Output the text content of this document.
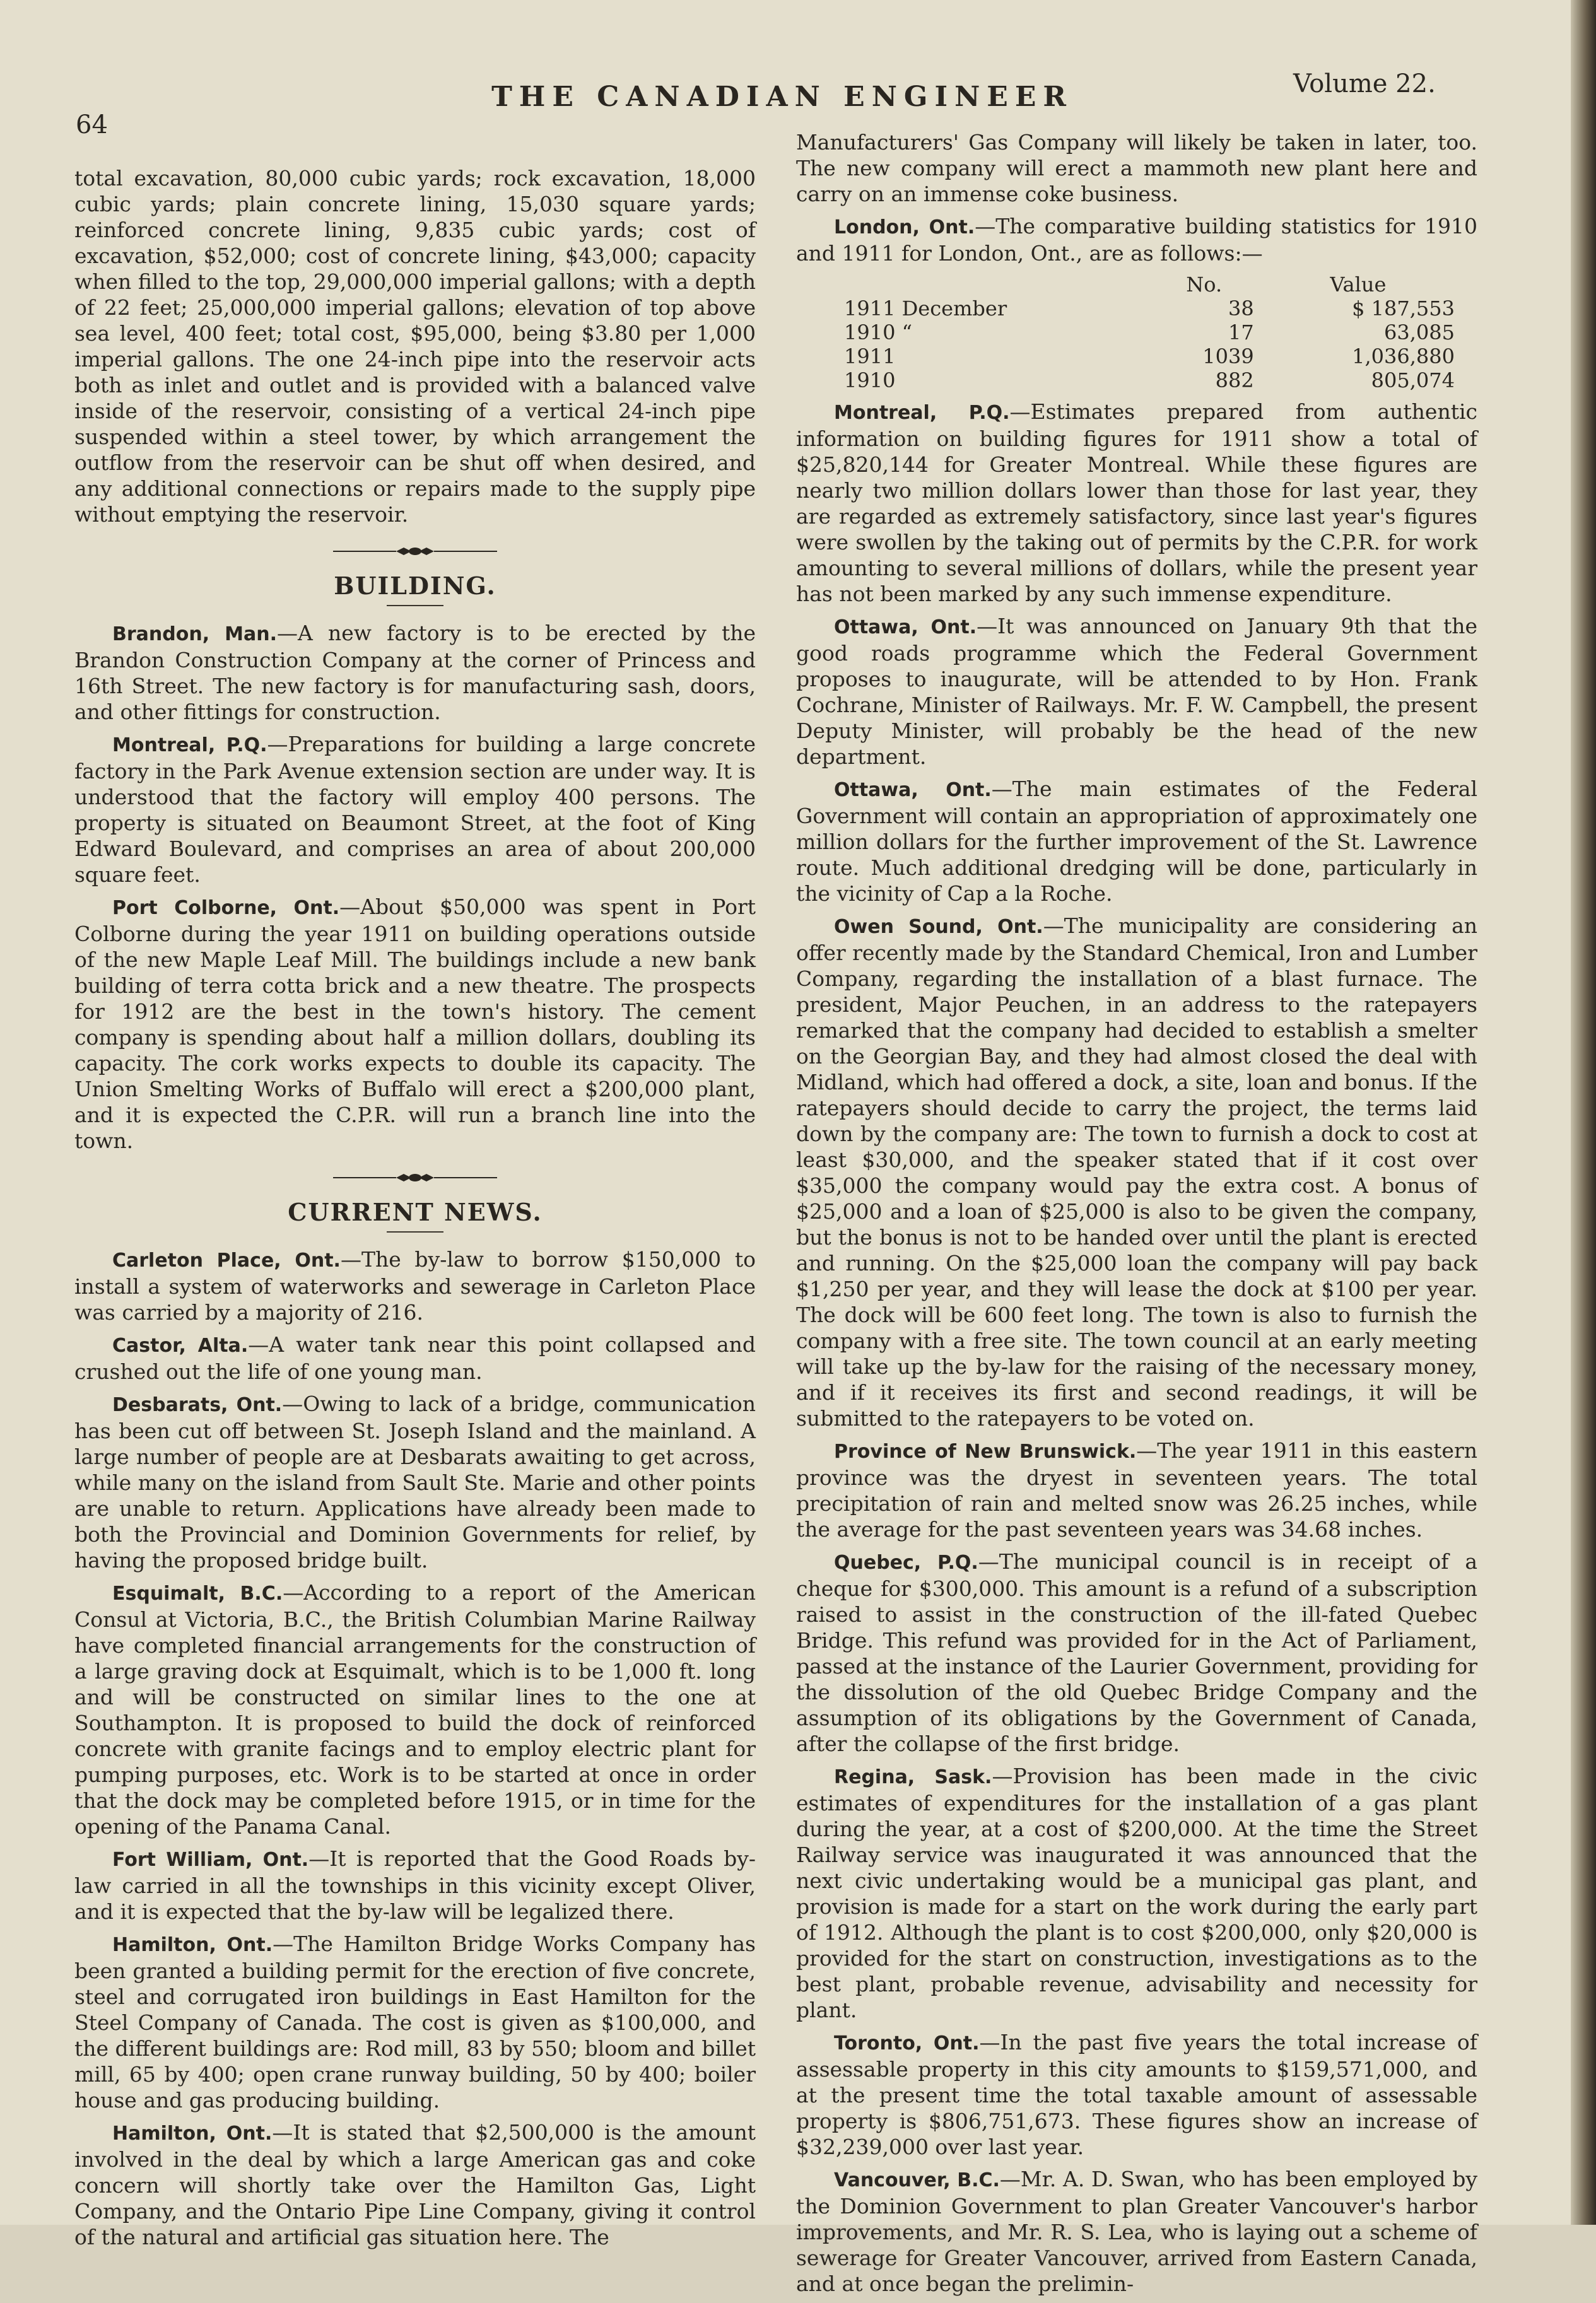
64
THE CANADIAN ENGINEER	Volume 22.

total excavation, 80,000 cubic yards; rock excavation, 18,000 cubic yards; plain concrete lining, 15,030 square yards; reinforced concrete lining, 9,835 cubic yards; cost of excavation, $52,000; cost of concrete lining, $43,000; capacity when filled to the top, 29,000,000 imperial gallons; with a depth of 22 feet; 25,000,000 imperial gallons; elevation of top above sea level, 400 feet; total cost, $95,000, being $3.80 per 1,000 imperial gallons. The one 24-inch pipe into the reservoir acts both as inlet and outlet and is provided with a balanced valve inside of the reservoir, consisting of a vertical 24-inch pipe suspended within a steel tower, by which arrangement the outflow from the reservoir can be shut off when desired, and any additional connections or repairs made to the supply pipe without emptying the reservoir.

BUILDING.

Brandon, Man.—A new factory is to be erected by the Brandon Construction Company at the corner of Princess and 16th Street. The new factory is for manufacturing sash, doors, and other fittings for construction.

Montreal, P.Q.—Preparations for building a large concrete factory in the Park Avenue extension section are under way. It is understood that the factory will employ 400 persons. The property is situated on Beaumont Street, at the foot of King Edward Boulevard, and comprises an area of about 200,000 square feet.

Port Colborne, Ont.—About $50,000 was spent in Port Colborne during the year 1911 on building operations outside of the new Maple Leaf Mill. The buildings include a new bank building of terra cotta brick and a new theatre. The prospects for 1912 are the best in the town's history. The cement company is spending about half a million dollars, doubling its capacity. The cork works expects to double its capacity. The Union Smelting Works of Buffalo will erect a $200,000 plant, and it is expected the C.P.R. will run a branch line into the town.

CURRENT NEWS.

Carleton Place, Ont.—The by-law to borrow $150,000 to install a system of waterworks and sewerage in Carleton Place was carried by a majority of 216.

Castor, Alta.—A water tank near this point collapsed and crushed out the life of one young man.

Desbarats, Ont.—Owing to lack of a bridge, communication has been cut off between St. Joseph Island and the mainland. A large number of people are at Desbarats awaiting to get across, while many on the island from Sault Ste. Marie and other points are unable to return. Applications have already been made to both the Provincial and Dominion Governments for relief, by having the proposed bridge built.

Esquimalt, B.C.—According to a report of the American Consul at Victoria, B.C., the British Columbian Marine Railway have completed financial arrangements for the construction of a large graving dock at Esquimalt, which is to be 1,000 ft. long and will be constructed on similar lines to the one at Southampton. It is proposed to build the dock of reinforced concrete with granite facings and to employ electric plant for pumping purposes, etc. Work is to be started at once in order that the dock may be completed before 1915, or in time for the opening of the Panama Canal.

Fort William, Ont.—It is reported that the Good Roads by-law carried in all the townships in this vicinity except Oliver, and it is expected that the by-law will be legalized there.

Hamilton, Ont.—The Hamilton Bridge Works Company has been granted a building permit for the erection of five concrete, steel and corrugated iron buildings in East Hamilton for the Steel Company of Canada. The cost is given as $100,000, and the different buildings are: Rod mill, 83 by 550; bloom and billet mill, 65 by 400; open crane runway building, 50 by 400; boiler house and gas producing building.

Hamilton, Ont.—It is stated that $2,500,000 is the amount involved in the deal by which a large American gas and coke concern will shortly take over the Hamilton Gas, Light Company, and the Ontario Pipe Line Company, giving it control of the natural and artificial gas situation here. The

Manufacturers' Gas Company will likely be taken in later, too. The new company will erect a mammoth new plant here and carry on an immense coke business.

London, Ont.—The comparative building statistics for 1910 and 1911 for London, Ont., are as follows:—

	No.	Value
1911 December	38	$ 187,553
1910 “	17	63,085
1911	1039	1,036,880
1910	882	805,074

Montreal, P.Q.—Estimates prepared from authentic information on building figures for 1911 show a total of $25,820,144 for Greater Montreal. While these figures are nearly two million dollars lower than those for last year, they are regarded as extremely satisfactory, since last year's figures were swollen by the taking out of permits by the C.P.R. for work amounting to several millions of dollars, while the present year has not been marked by any such immense expenditure.

Ottawa, Ont.—It was announced on January 9th that the good roads programme which the Federal Government proposes to inaugurate, will be attended to by Hon. Frank Cochrane, Minister of Railways. Mr. F. W. Campbell, the present Deputy Minister, will probably be the head of the new department.

Ottawa, Ont.—The main estimates of the Federal Government will contain an appropriation of approximately one million dollars for the further improvement of the St. Lawrence route. Much additional dredging will be done, particularly in the vicinity of Cap a la Roche.

Owen Sound, Ont.—The municipality are considering an offer recently made by the Standard Chemical, Iron and Lumber Company, regarding the installation of a blast furnace. The president, Major Peuchen, in an address to the ratepayers remarked that the company had decided to establish a smelter on the Georgian Bay, and they had almost closed the deal with Midland, which had offered a dock, a site, loan and bonus. If the ratepayers should decide to carry the project, the terms laid down by the company are: The town to furnish a dock to cost at least $30,000, and the speaker stated that if it cost over $35,000 the company would pay the extra cost. A bonus of $25,000 and a loan of $25,000 is also to be given the company, but the bonus is not to be handed over until the plant is erected and running. On the $25,000 loan the company will pay back $1,250 per year, and they will lease the dock at $100 per year. The dock will be 600 feet long. The town is also to furnish the company with a free site. The town council at an early meeting will take up the by-law for the raising of the necessary money, and if it receives its first and second readings, it will be submitted to the ratepayers to be voted on.

Province of New Brunswick.—The year 1911 in this eastern province was the dryest in seventeen years. The total precipitation of rain and melted snow was 26.25 inches, while the average for the past seventeen years was 34.68 inches.

Quebec, P.Q.—The municipal council is in receipt of a cheque for $300,000. This amount is a refund of a subscription raised to assist in the construction of the ill-fated Quebec Bridge. This refund was provided for in the Act of Parliament, passed at the instance of the Laurier Government, providing for the dissolution of the old Quebec Bridge Company and the assumption of its obligations by the Government of Canada, after the collapse of the first bridge.

Regina, Sask.—Provision has been made in the civic estimates of expenditures for the installation of a gas plant during the year, at a cost of $200,000. At the time the Street Railway service was inaugurated it was announced that the next civic undertaking would be a municipal gas plant, and provision is made for a start on the work during the early part of 1912. Although the plant is to cost $200,000, only $20,000 is provided for the start on construction, investigations as to the best plant, probable revenue, advisability and necessity for plant.

Toronto, Ont.—In the past five years the total increase of assessable property in this city amounts to $159,571,000, and at the present time the total taxable amount of assessable property is $806,751,673. These figures show an increase of $32,239,000 over last year.

Vancouver, B.C.—Mr. A. D. Swan, who has been employed by the Dominion Government to plan Greater Vancouver's harbor improvements, and Mr. R. S. Lea, who is laying out a scheme of sewerage for Greater Vancouver, arrived from Eastern Canada, and at once began the prelimin-
